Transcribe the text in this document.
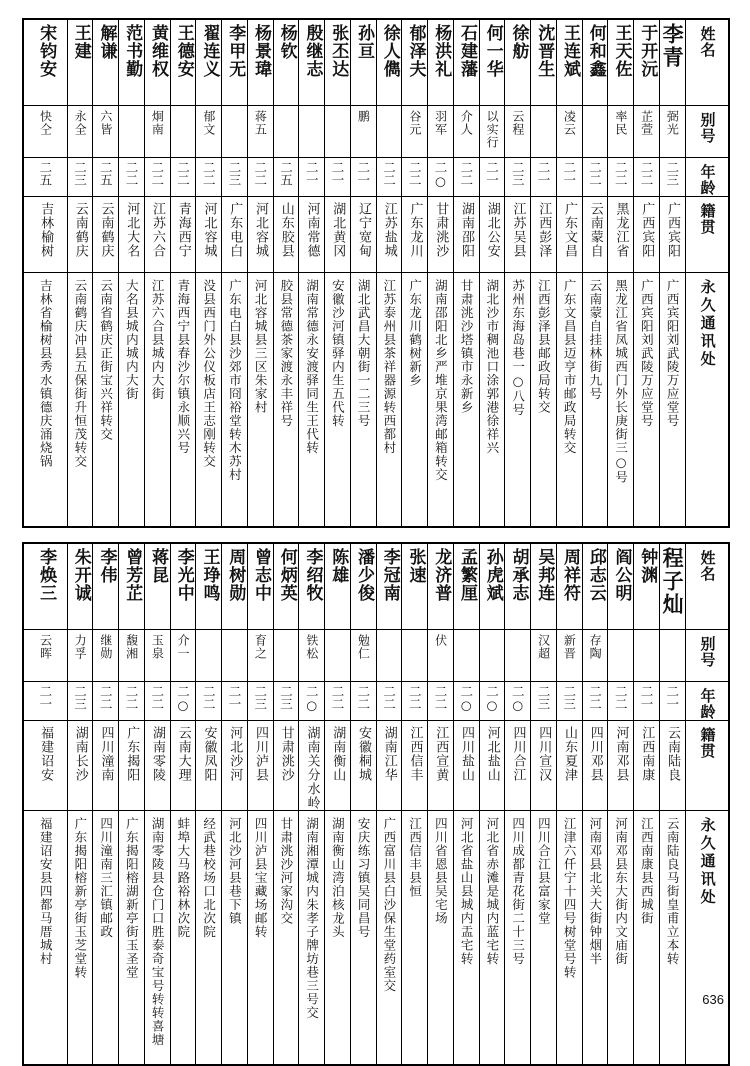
宋钧安	王建	解谦	范书勤	黄维权	王德安	翟连义	李甲无	杨景瑋	杨钦	殷继志	张丕达	孙亘	徐人儁	郁泽夫	杨洪礼	石建藩	何一华	徐舫	沈晋生	王连斌	何和鑫	王天佐	于开沅	李青	姓名

快仝	永全	六皆		炯南		郁文		蒋五				鹏		谷元	羽军	介人	以实行	云程		凌云		率民	芷萱	弼光	别号

二五	二三	二五	二二	二二	二二	二二	二三	二二	二五	二一	二一	二一	二二	二二	二○	二二	二一	二三	二一	二一	二二	二二	二二	二三	年龄

吉林榆树	云南鹤庆	云南鹤庆	河北大名	江苏六合	青海西宁	河北容城	广东电白	河北容城	山东胶县	河南常德	湖北黄冈	辽宁宽甸	江苏盐城	广东龙川	甘肃洮沙	湖南邵阳	湖北公安	江苏吴县	江西彭泽	广东文昌	云南蒙自	黑龙江省	广西宾阳	广西宾阳	籍贯

吉林省榆树县秀水镇德庆涌烧锅	云南鹤庆冲县五保街升恒茂转交	云南省鹤庆正街宝兴祥转交	大名县城内城内大街	江苏六合县城内大街	青海西宁县春沙尔镇永顺兴号	没县西门外公仪板店王志刚转交	广东电白县沙郊市冏裕堂转木苏村	河北容城县三区朱家村	胶县常德茶家渡永丰祥号	湖南常德永安渡驿同生王代转	安徽沙河镇驿内生五代转	湖北武昌大朝街一二三号	江苏泰州县茶祥器源转西都村	广东龙川鹤树新乡	湖南邵阳北乡严堆京果湾邮箱转交	甘肃洮沙塔镇市永新乡	湖北沙市稠池口涂郭港徐祥兴	苏州东海岛巷一○八号	江西彭泽县邮政局转交	广东文昌县迈亨市邮政局转交	云南蒙自挂林街九号	黑龙江省凤城西门外长庚街三○号	广西宾阳刘武陵万应堂号	广西宾阳刘武陵万应堂号	永久通讯处
李焕三	朱开诚	李伟	曾芳芷	蒋昆	李光中	王琤鸣	周树勋	曾志中	何炳英	李绍牧	陈雄	潘少俊	李冠南	张速	龙济普	孟繁厘	孙虎斌	胡承志	吴邦连	周祥符	邱志云	阎公明	钟渊	程子灿	姓名

云晖	力孚	继勋	馥湘	玉泉	介一			育之		铁松		勉仁			伏				汉超	新晋	存陶				别号

二一	二三	二二	二二	二二	二○	二二	二一	二三	二三	二○	二二	二二	二二	二二	二二	二○	二○	二○	二三	二三	二二	二二	二一	二一	年龄

福建诏安	湖南长沙	四川潼南	广东揭阳	湖南零陵	云南大理	安徽凤阳	河北沙河	四川泸县	甘肃洮沙	湖南关分水岭	湖南衡山	安徽桐城	湖南江华	江西信丰	江西宣黄	四川盐山	河北盐山	四川合江	四川宣汉	山东夏津	四川邓县	河南邓县	江西南康	云南陆良	籍贯

福建诏安县四都马厝城村	广东揭阳榕新亭街玉芝堂转	四川潼南三汇镇邮政	广东揭阳榕湖新亭街玉圣堂	湖南零陵县仓门口胜泰奇宝号转转喜塘	蚌埠大马路裕林次院	经武巷校场口北次院	河北沙河县巷下镇	四川泸县宝藏场邮转	甘肃洮沙河家沟交	湖南湘潭城内朱孝子牌坊巷三号交	湖南衡山湾泊核龙头	安庆练习镇吴同昌号	广西富川县白沙保生堂药室交	江西信丰县恒	四川省恩县吴宅场	河北省盐山县城内盂宅转	河北省赤滩是城内蓝宅转	四川成都青花街二十三号	四川合江县富家堂	江津六仟宁十四号树堂号转	河南邓县北关大街钟烟半	河南邓县东大街内文庙街	江西南康县西城街	云南陆良马街皇甫立本转	永久通讯处
636
